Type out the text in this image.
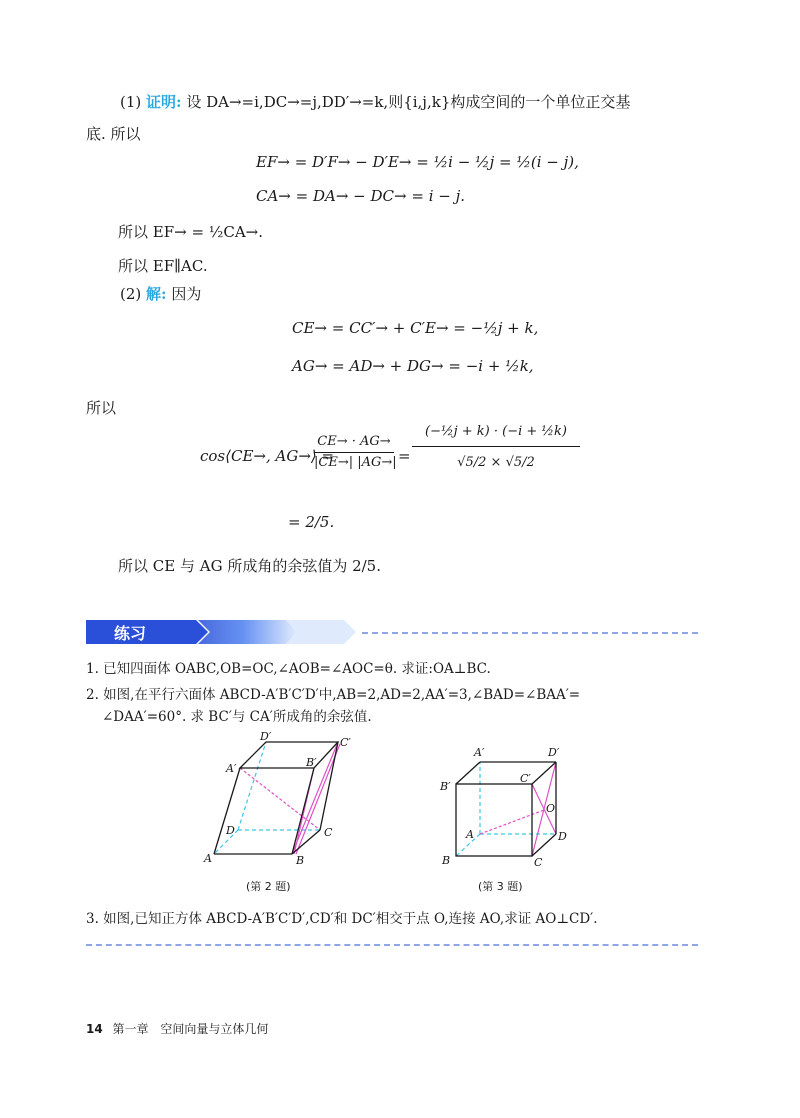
(1) 证明: 设 DA→=i,DC→=j,DD′→=k,则{i,j,k}构成空间的一个单位正交基
底. 所以
EF→ = D′F→ − D′E→ = ½i − ½j = ½(i − j),
CA→ = DA→ − DC→ = i − j.
所以 EF→ = ½CA→.
所以 EF∥AC.
(2) 解: 因为
CE→ = CC′→ + C′E→ = −½j + k,
AG→ = AD→ + DG→ = −i + ½k,
所以
cos⟨CE→, AG→⟩ =
$\frac{CE\to \cdot AG\to}{|CE\to| |AG\to|} = \frac{\text{(−½j + k) · (−i + ½k)}}{√5/2 \times √5/2}$
= 2/5.
所以 CE 与 AG 所成角的余弦值为 2/5.
练习
1. 已知四面体 OABC,OB=OC,∠AOB=∠AOC=θ. 求证:OA⊥BC.
2. 如图,在平行六面体 ABCD-A′B′C′D′中,AB=2,AD=2,AA′=3,∠BAD=∠BAA′=
∠DAA′=60°. 求 BC′与 CA′所成角的余弦值.
A	B
C
D
A′	B′
C′
D′
(第 2 题)
B	C
D
A
B′
C′
D′
A′
O
(第 3 题)
3. 如图,已知正方体 ABCD-A′B′C′D′,CD′和 DC′相交于点 O,连接 AO,求证 AO⊥CD′.
14 第一章 空间向量与立体几何
